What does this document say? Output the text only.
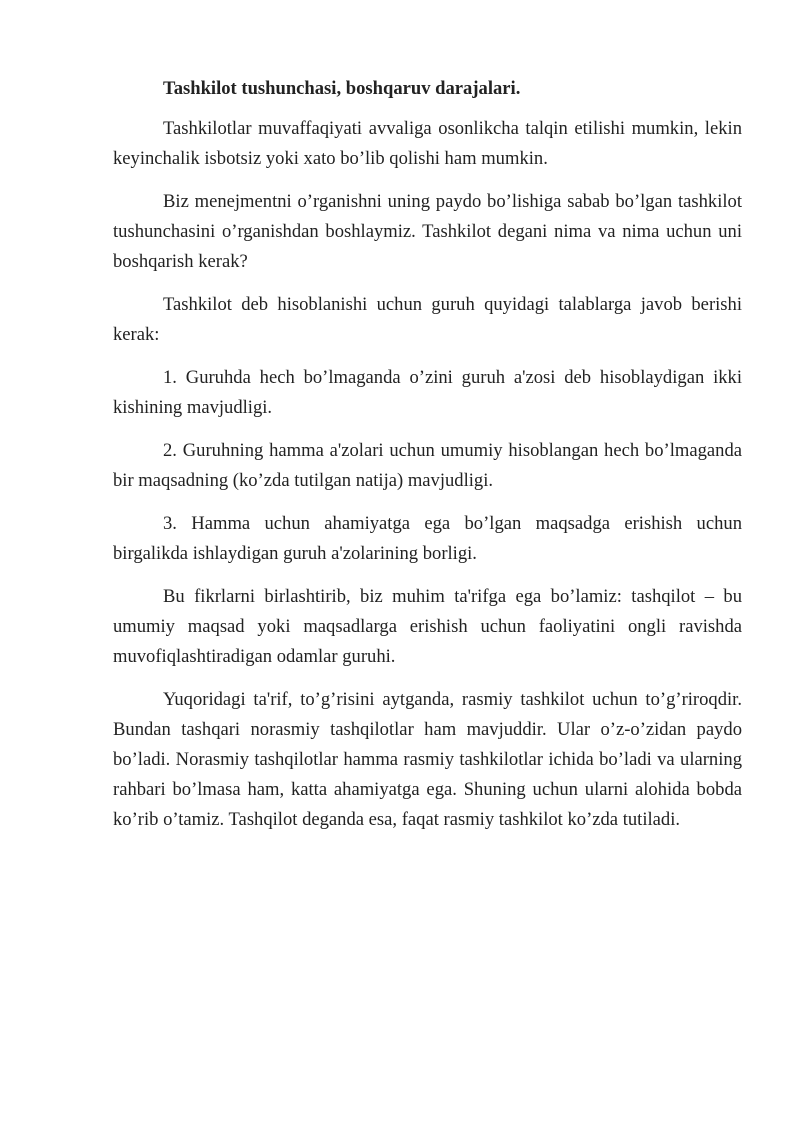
Tashkilot tushunchasi, boshqaruv darajalari.

Tashkilotlar muvaffaqiyati avvaliga osonlikcha talqin etilishi mumkin, lekin keyinchalik isbotsiz yoki xato bo’lib qolishi ham mumkin.

Biz menejmentni o’rganishni uning paydo bo’lishiga sabab bo’lgan tashkilot tushunchasini o’rganishdan boshlaymiz. Tashkilot degani nima va nima uchun uni boshqarish kerak?

Tashkilot deb hisoblanishi uchun guruh quyidagi talablarga javob berishi kerak:

1. Guruhda hech bo’lmaganda o’zini guruh a'zosi deb hisoblaydigan ikki kishining mavjudligi.

2. Guruhning hamma a'zolari uchun umumiy hisoblangan hech bo’lmaganda bir maqsadning (ko’zda tutilgan natija) mavjudligi.

3. Hamma uchun ahamiyatga ega bo’lgan maqsadga erishish uchun birgalikda ishlaydigan guruh a'zolarining borligi.

Bu fikrlarni birlashtirib, biz muhim ta'rifga ega bo’lamiz: tashqilot – bu umumiy maqsad yoki maqsadlarga erishish uchun faoliyatini ongli ravishda muvofiqlashtiradigan odamlar guruhi.

Yuqoridagi ta'rif, to’g’risini aytganda, rasmiy tashkilot uchun to’g’riroqdir. Bundan tashqari norasmiy tashqilotlar ham mavjuddir. Ular o’z-o’zidan paydo bo’ladi. Norasmiy tashqilotlar hamma rasmiy tashkilotlar ichida bo’ladi va ularning rahbari bo’lmasa ham, katta ahamiyatga ega. Shuning uchun ularni alohida bobda ko’rib o’tamiz. Tashqilot deganda esa, faqat rasmiy tashkilot ko’zda tutiladi.
